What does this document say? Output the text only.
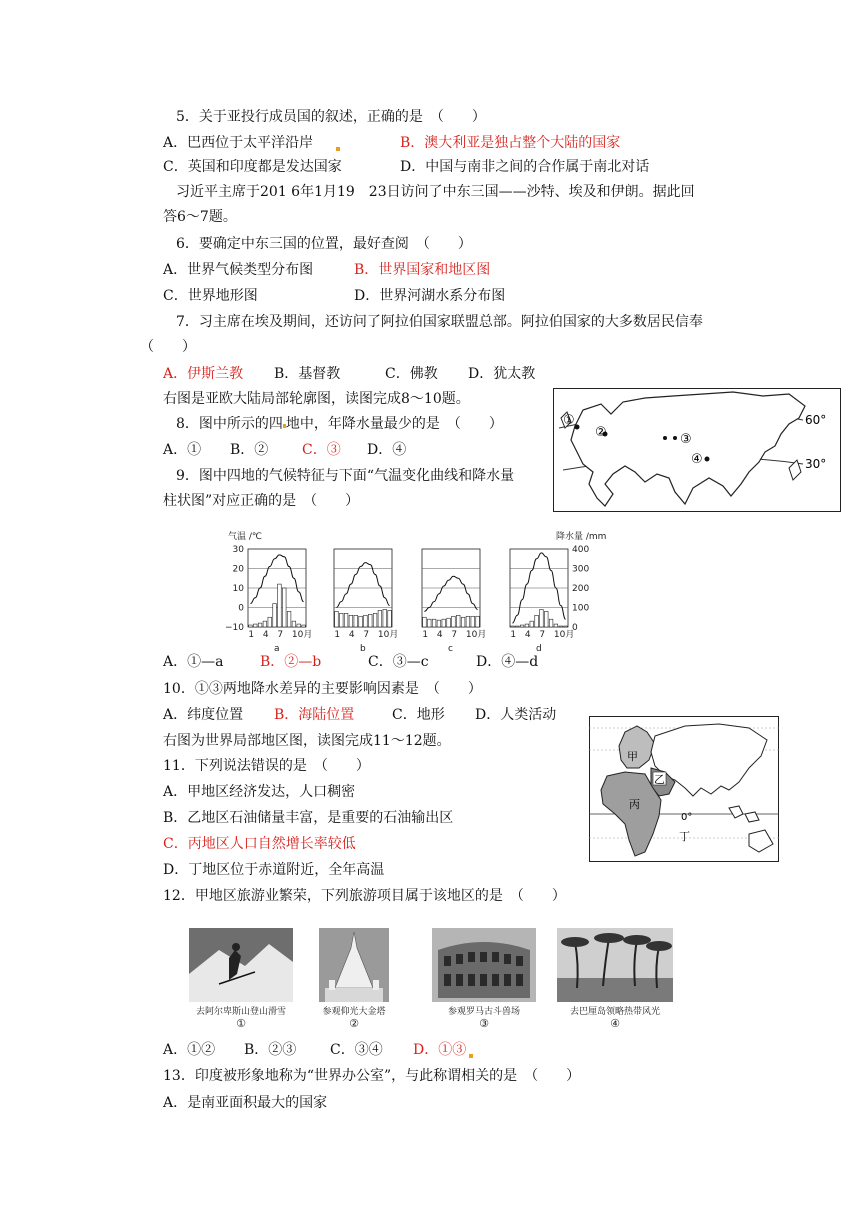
5．关于亚投行成员国的叙述，正确的是　（　　）
A．巴西位于太平洋沿岸	B．澳大利亚是独占整个大陆的国家
C．英国和印度都是发达国家	D．中国与南非之间的合作属于南北对话
习近平主席于201 6年1月19　23日访问了中东三国——沙特、埃及和伊朗。据此回
答6～7题。
6．要确定中东三国的位置，最好查阅　（　　）
A．世界气候类型分布图	B．世界国家和地区图
C．世界地形图	D．世界河湖水系分布图
7．习主席在埃及期间，还访问了阿拉伯国家联盟总部。阿拉伯国家的大多数居民信奉
（　　）
A．伊斯兰教 B．基督教	C．佛教 D．犹太教
右图是亚欧大陆局部轮廓图，读图完成8～10题。
8．图中所示的四 地中，年降水量最少的是　（　　）
A．① B．② C．③ D．④
9．图中四地的气候特征与下面“气温变化曲线和降水量
柱状图”对应正确的是　（　　）
①
②	③
④
60°
30°
气温 /℃	降水量 /mm
30
20
10
0
−10
400
300
200
100
0
1 4 7 10月
a
1 4 7 10月
b
1 4 7 10月
c
1 4 7 10月
d
A．①—a	B．②—b	C．③—c	D．④—d
10．①③两地降水差异的主要影响因素是　（　　）
A．纬度位置 B．海陆位置	C．地形 D．人类活动
右图为世界局部地区图，读图完成11～12题。
11．下列说法错误的是　（　　）
A．甲地区经济发达，人口稠密
B．乙地区石油储量丰富，是重要的石油输出区
C．丙地区人口自然增长率较低
D．丁地区位于赤道附近，全年高温
甲
乙
丙
0°
丁
12．甲地区旅游业繁荣，下列旅游项目属于该地区的是　（　　）
去阿尔卑斯山登山滑雪
①
参观仰光大金塔
②
参观罗马古斗兽场
③
去巴厘岛领略热带风光
④
A．①② B．②③ C．③④ D．①③
13．印度被形象地称为“世界办公室”，与此称谓相关的是　（　　）
A．是南亚面积最大的国家
